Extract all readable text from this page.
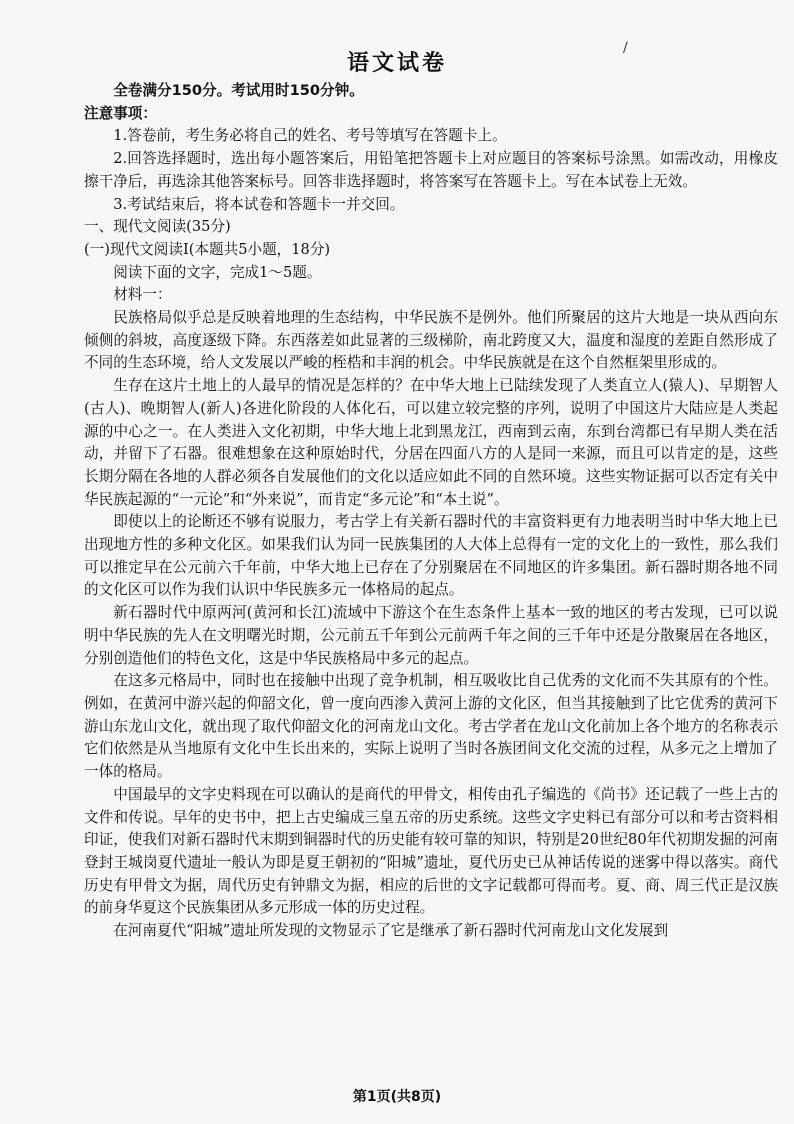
语文试卷
/

全卷满分150分。考试用时150分钟。

注意事项：

1.答卷前，考生务必将自己的姓名、考号等填写在答题卡上。

2.回答选择题时，选出每小题答案后，用铅笔把答题卡上对应题目的答案标号涂黑。如需改动，用橡皮擦干净后，再选涂其他答案标号。回答非选择题时，将答案写在答题卡上。写在本试卷上无效。

3.考试结束后，将本试卷和答题卡一并交回。

一、现代文阅读(35分)

(一)现代文阅读Ⅰ(本题共5小题，18分)

阅读下面的文字，完成1～5题。

材料一：

民族格局似乎总是反映着地理的生态结构，中华民族不是例外。他们所聚居的这片大地是一块从西向东倾侧的斜坡，高度逐级下降。东西落差如此显著的三级梯阶，南北跨度又大，温度和湿度的差距自然形成了不同的生态环境，给人文发展以严峻的桎梏和丰润的机会。中华民族就是在这个自然框架里形成的。

生存在这片土地上的人最早的情况是怎样的？在中华大地上已陆续发现了人类直立人(猿人)、早期智人(古人)、晚期智人(新人)各进化阶段的人体化石，可以建立较完整的序列，说明了中国这片大陆应是人类起源的中心之一。在人类进入文化初期，中华大地上北到黑龙江，西南到云南，东到台湾都已有早期人类在活动，并留下了石器。很难想象在这种原始时代，分居在四面八方的人是同一来源，而且可以肯定的是，这些长期分隔在各地的人群必须各自发展他们的文化以适应如此不同的自然环境。这些实物证据可以否定有关中华民族起源的“一元论”和“外来说”，而肯定“多元论”和“本土说”。

即使以上的论断还不够有说服力，考古学上有关新石器时代的丰富资料更有力地表明当时中华大地上已出现地方性的多种文化区。如果我们认为同一民族集团的人大体上总得有一定的文化上的一致性，那么我们可以推定早在公元前六千年前，中华大地上已存在了分别聚居在不同地区的许多集团。新石器时期各地不同的文化区可以作为我们认识中华民族多元一体格局的起点。

新石器时代中原两河(黄河和长江)流域中下游这个在生态条件上基本一致的地区的考古发现，已可以说明中华民族的先人在文明曙光时期，公元前五千年到公元前两千年之间的三千年中还是分散聚居在各地区，分别创造他们的特色文化，这是中华民族格局中多元的起点。

在这多元格局中，同时也在接触中出现了竞争机制，相互吸收比自己优秀的文化而不失其原有的个性。例如，在黄河中游兴起的仰韶文化，曾一度向西渗入黄河上游的文化区，但当其接触到了比它优秀的黄河下游山东龙山文化，就出现了取代仰韶文化的河南龙山文化。考古学者在龙山文化前加上各个地方的名称表示它们依然是从当地原有文化中生长出来的，实际上说明了当时各族团间文化交流的过程，从多元之上增加了一体的格局。

中国最早的文字史料现在可以确认的是商代的甲骨文，相传由孔子编选的《尚书》还记载了一些上古的文件和传说。早年的史书中，把上古史编成三皇五帝的历史系统。这些文字史料已有部分可以和考古资料相印证，使我们对新石器时代末期到铜器时代的历史能有较可靠的知识，特别是20世纪80年代初期发掘的河南登封王城岗夏代遗址一般认为即是夏王朝初的“阳城”遗址，夏代历史已从神话传说的迷雾中得以落实。商代历史有甲骨文为据，周代历史有钟鼎文为据，相应的后世的文字记载都可得而考。夏、商、周三代正是汉族的前身华夏这个民族集团从多元形成一体的历史过程。

在河南夏代“阳城”遗址所发现的文物显示了它是继承了新石器时代河南龙山文化发展到

第1页(共8页)
